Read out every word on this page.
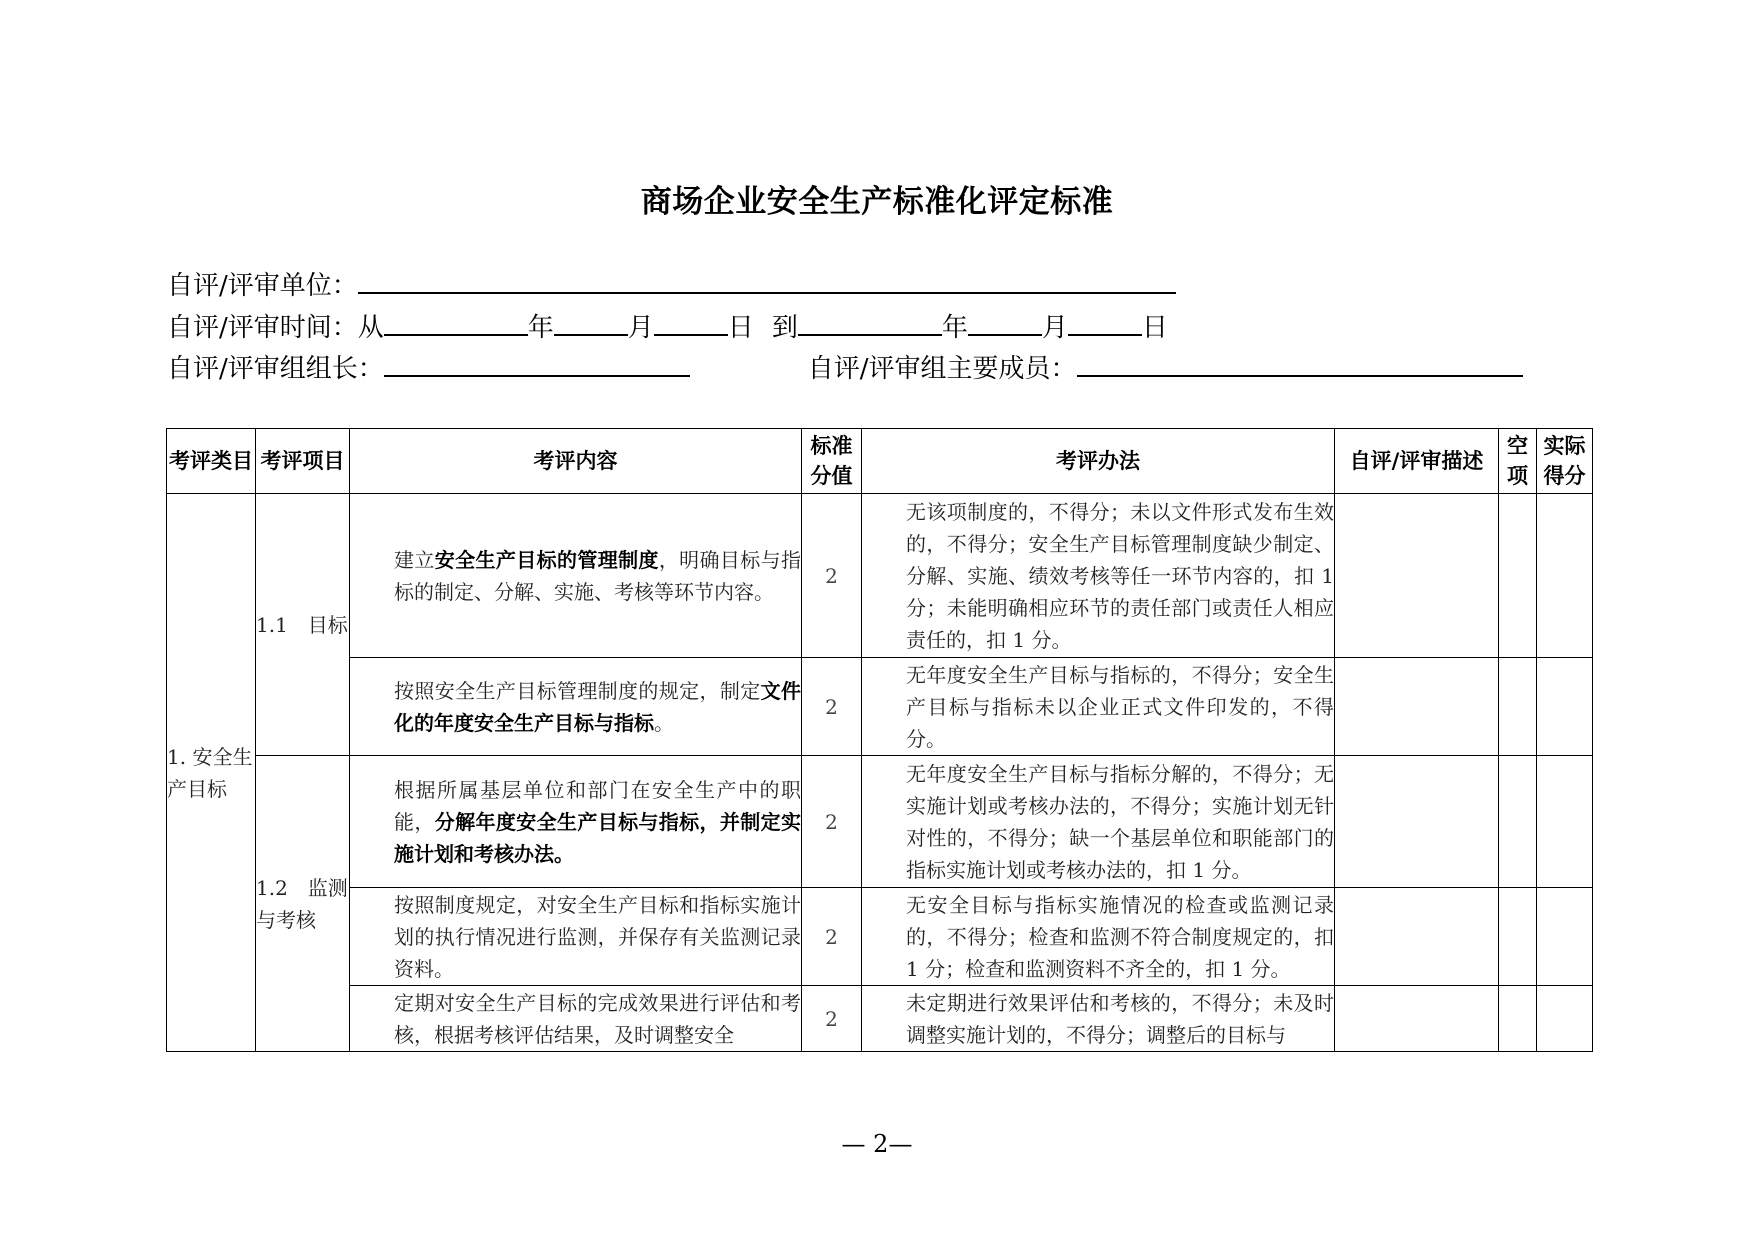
商场企业安全生产标准化评定标准
自评/评审单位：
自评/评审时间：从	年	月	日 到	年	月	日
自评/评审组组长：	自评/评审组主要成员：
考评类目	考评项目	考评内容	标准分值	考评办法	自评/评审描述	空项	实际得分
1. 安全生产目标	1.1　目标	建立安全生产目标的管理制度，明确目标与指标的制定、分解、实施、考核等环节内容。	2	无该项制度的，不得分；未以文件形式发布生效的，不得分；安全生产目标管理制度缺少制定、分解、实施、绩效考核等任一环节内容的，扣 1 分；未能明确相应环节的责任部门或责任人相应责任的，扣 1 分。			

		按照安全生产目标管理制度的规定，制定文件化的年度安全生产目标与指标。	2	无年度安全生产目标与指标的，不得分；安全生产目标与指标未以企业正式文件印发的，不得分。			

	1.2　监测与考核	根据所属基层单位和部门在安全生产中的职能，分解年度安全生产目标与指标，并制定实施计划和考核办法。	2	无年度安全生产目标与指标分解的，不得分；无实施计划或考核办法的，不得分；实施计划无针对性的，不得分；缺一个基层单位和职能部门的指标实施计划或考核办法的，扣 1 分。			

		按照制度规定，对安全生产目标和指标实施计划的执行情况进行监测，并保存有关监测记录资料。	2	无安全目标与指标实施情况的检查或监测记录的，不得分；检查和监测不符合制度规定的，扣 1 分；检查和监测资料不齐全的，扣 1 分。			

		定期对安全生产目标的完成效果进行评估和考核，根据考核评估结果，及时调整安全	2	未定期进行效果评估和考核的，不得分；未及时调整实施计划的，不得分；调整后的目标与			

— 2—
